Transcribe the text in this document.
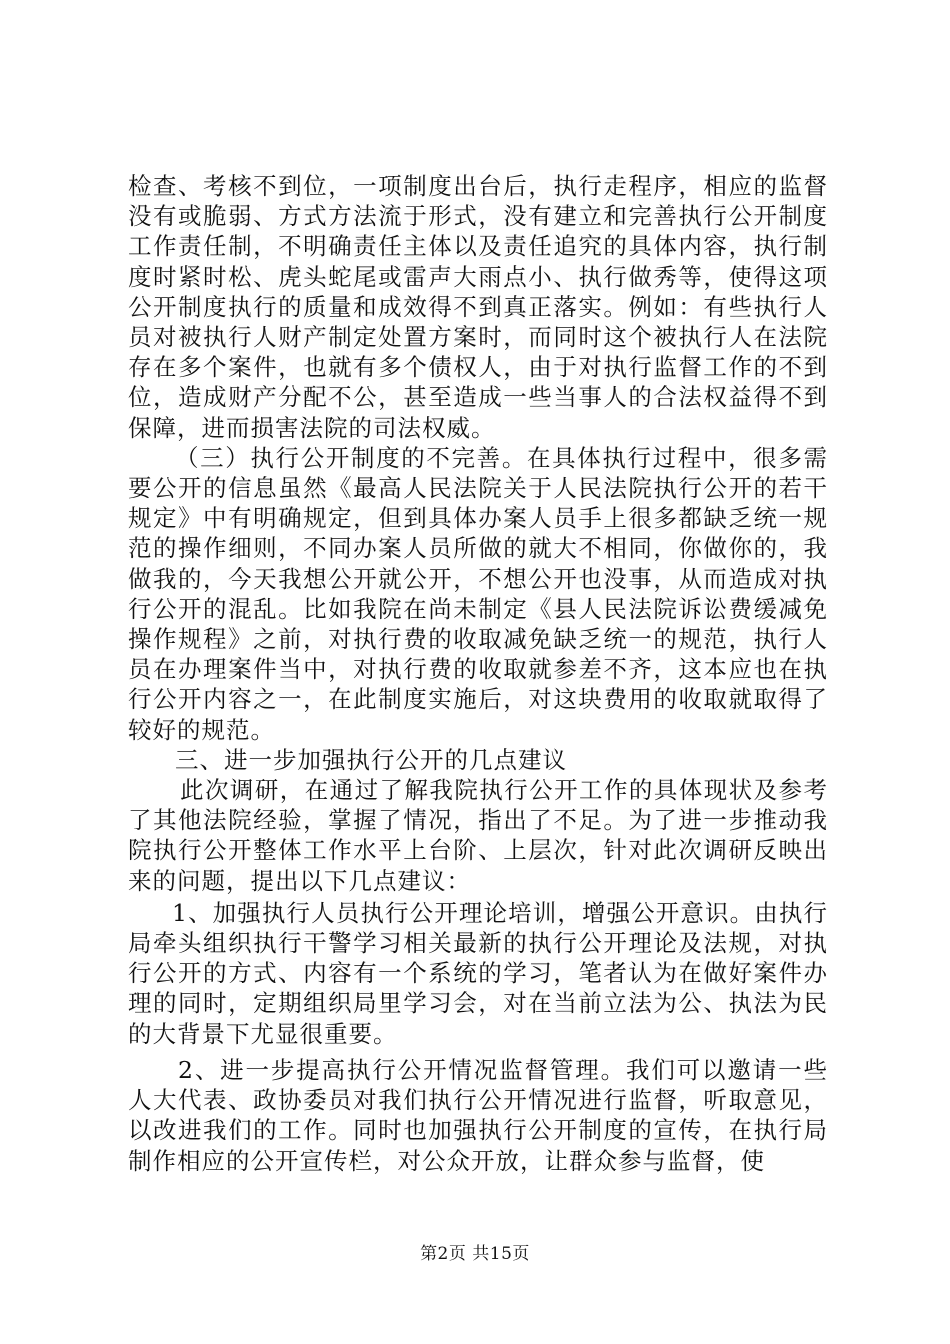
检查、考核不到位，一项制度出台后，执行走程序，相应的监督没有或脆弱、方式方法流于形式，没有建立和完善执行公开制度工作责任制，不明确责任主体以及责任追究的具体内容，执行制度时紧时松、虎头蛇尾或雷声大雨点小、执行做秀等，使得这项公开制度执行的质量和成效得不到真正落实。例如：有些执行人员对被执行人财产制定处置方案时，而同时这个被执行人在法院存在多个案件，也就有多个债权人，由于对执行监督工作的不到位，造成财产分配不公，甚至造成一些当事人的合法权益得不到保障，进而损害法院的司法权威。

（三）执行公开制度的不完善。在具体执行过程中，很多需要公开的信息虽然《最高人民法院关于人民法院执行公开的若干规定》中有明确规定，但到具体办案人员手上很多都缺乏统一规范的操作细则，不同办案人员所做的就大不相同，你做你的，我做我的，今天我想公开就公开，不想公开也没事，从而造成对执行公开的混乱。比如我院在尚未制定《县人民法院诉讼费缓减免操作规程》之前，对执行费的收取减免缺乏统一的规范，执行人员在办理案件当中，对执行费的收取就参差不齐，这本应也在执行公开内容之一，在此制度实施后，对这块费用的收取就取得了较好的规范。

三、进一步加强执行公开的几点建议

此次调研，在通过了解我院执行公开工作的具体现状及参考了其他法院经验，掌握了情况，指出了不足。为了进一步推动我院执行公开整体工作水平上台阶、上层次，针对此次调研反映出来的问题，提出以下几点建议：

1、加强执行人员执行公开理论培训，增强公开意识。由执行局牵头组织执行干警学习相关最新的执行公开理论及法规，对执行公开的方式、内容有一个系统的学习，笔者认为在做好案件办理的同时，定期组织局里学习会，对在当前立法为公、执法为民的大背景下尤显很重要。

2、进一步提高执行公开情况监督管理。我们可以邀请一些人大代表、政协委员对我们执行公开情况进行监督，听取意见，以改进我们的工作。同时也加强执行公开制度的宣传，在执行局制作相应的公开宣传栏，对公众开放，让群众参与监督，使

第2页 共15页
